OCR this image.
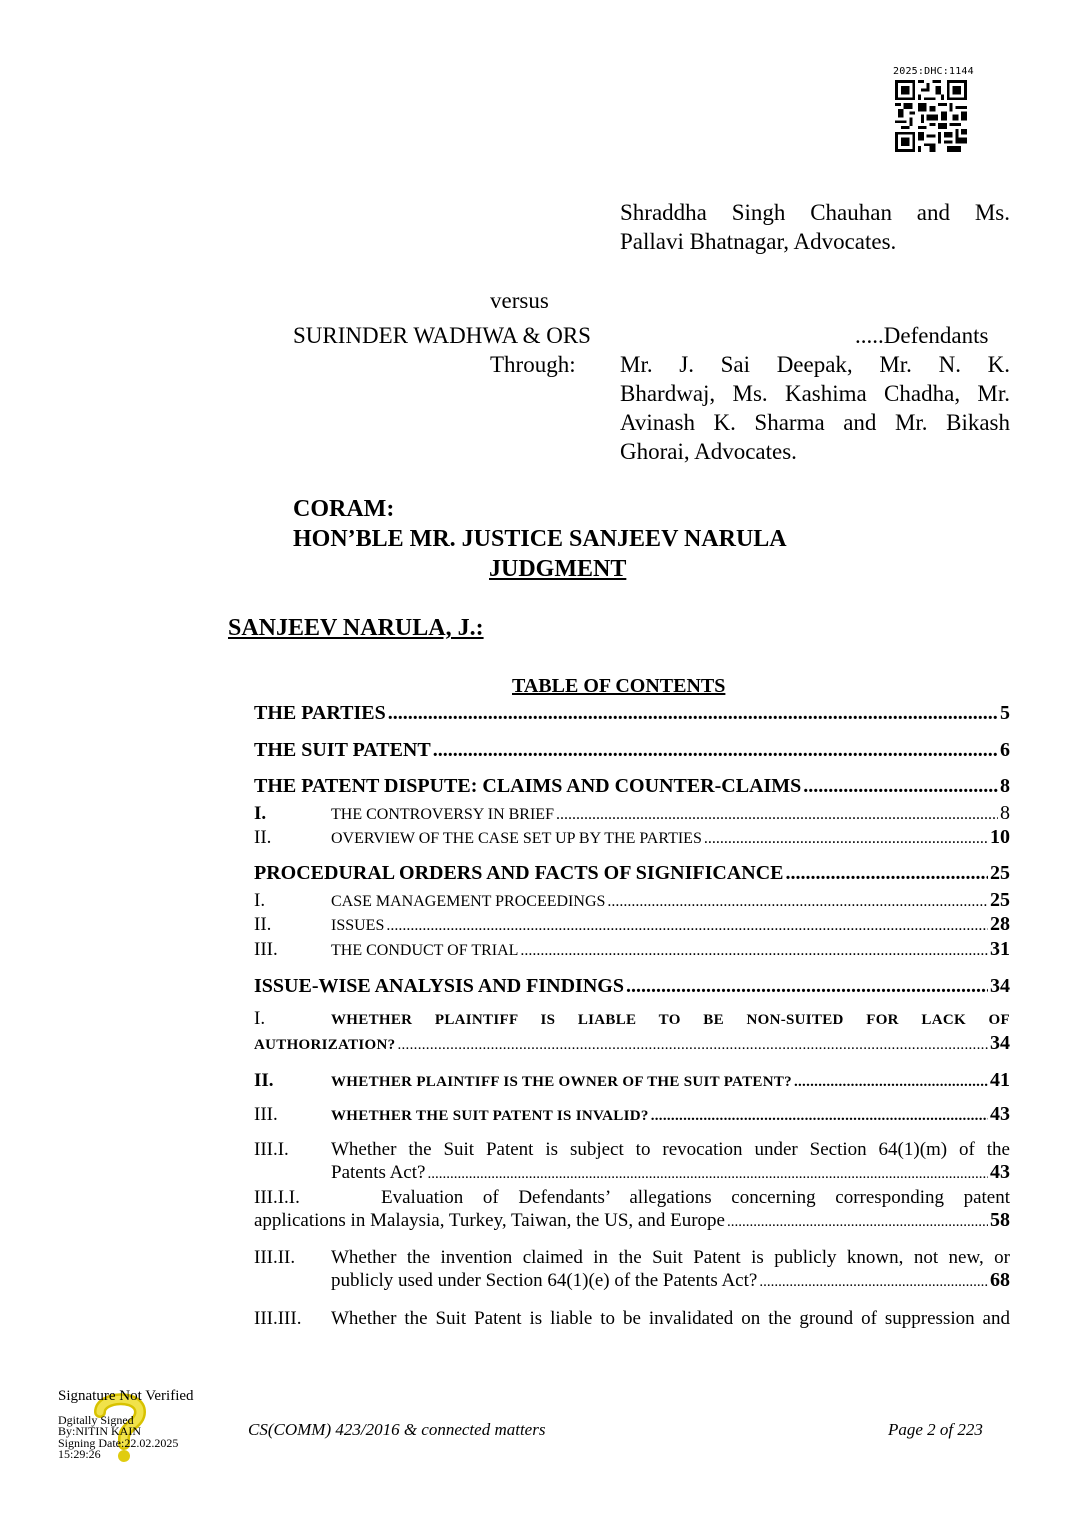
2025:DHC:1144
Shraddha Singh Chauhan and Ms.
Pallavi Bhatnagar, Advocates.
versus
SURINDER WADHWA & ORS	.....Defendants
Through: Mr. J. Sai Deepak, Mr. N. K.
Bhardwaj, Ms. Kashima Chadha, Mr.
Avinash K. Sharma and Mr. Bikash
Ghorai, Advocates.
CORAM:
HON’BLE MR. JUSTICE SANJEEV NARULA
JUDGMENT
SANJEEV NARULA, J.:
TABLE OF CONTENTS
THE PARTIES .....	5
THE SUIT PATENT .....	6
THE PATENT DISPUTE: CLAIMS AND COUNTER-CLAIMS .....	8
I.	THE CONTROVERSY IN BRIEF .....	8
II.	OVERVIEW OF THE CASE SET UP BY THE PARTIES .....	10
PROCEDURAL ORDERS AND FACTS OF SIGNIFICANCE .....	25
I.	CASE MANAGEMENT PROCEEDINGS .....	25
II.	ISSUES .....	28
III.	THE CONDUCT OF TRIAL .....	31
ISSUE-WISE ANALYSIS AND FINDINGS .....	34
I.	WHETHER PLAINTIFF IS LIABLE TO BE NON-SUITED FOR LACK OF
AUTHORIZATION? .....	34
II.	WHETHER PLAINTIFF IS THE OWNER OF THE SUIT PATENT? .....	41
III.	WHETHER THE SUIT PATENT IS INVALID? .....	43
III.I.	Whether the Suit Patent is subject to revocation under Section 64(1)(m) of the
Patents Act? .....	43
III.I.I.	Evaluation of Defendants’ allegations concerning corresponding patent
applications in Malaysia, Turkey, Taiwan, the US, and Europe .....	58
III.II.	Whether the invention claimed in the Suit Patent is publicly known, not new, or
publicly used under Section 64(1)(e) of the Patents Act? .....	68
III.III.	Whether the Suit Patent is liable to be invalidated on the ground of suppression and
Signature Not Verified
Dgitally Signed
By:NITIN KAIN
Signing Date:22.02.2025
15:29:26
CS(COMM) 423/2016 & connected matters	Page 2 of 223
